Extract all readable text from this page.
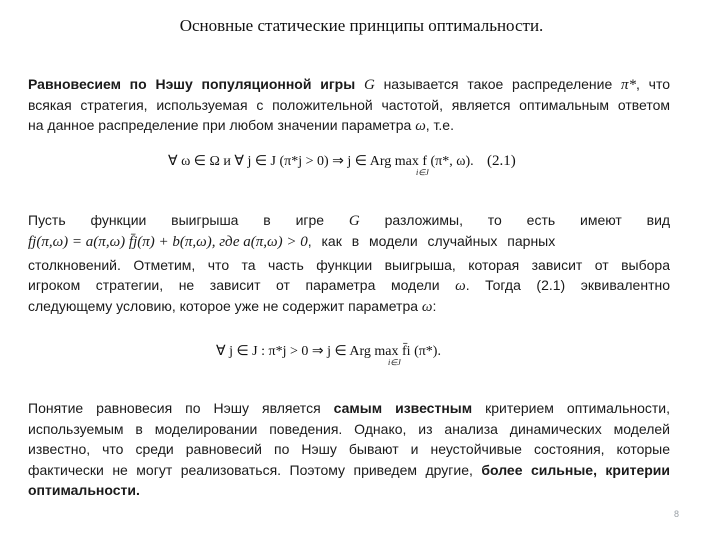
Основные статические принципы оптимальности.
Равновесием по Нэшу популяционной игры G называется такое распределение π*, что
всякая стратегия, используемая с положительной частотой, является оптимальным ответом
на данное распределение при любом значении параметра ω, т.е.
∀ ω ∈ Ω и ∀ j ∈ J (π*j > 0) ⇒ j ∈ Arg max f (π*, ω).
i∈J
(2.1)
Пусть функции выигрыша в игре G разложимы, то есть имеют вид
fj(π,ω) = a(π,ω) f̄j(π) + b(π,ω), где a(π,ω) > 0, как в модели случайных парных
столкновений. Отметим, что та часть функции выигрыша, которая зависит от выбора
игроком стратегии, не зависит от параметра модели ω. Тогда (2.1) эквивалентно
следующему условию, которое уже не содержит параметра ω:
∀ j ∈ J : π*j > 0 ⇒ j ∈ Arg max f̄i (π*).
i∈J
Понятие равновесия по Нэшу является самым известным критерием оптимальности,
используемым в моделировании поведения. Однако, из анализа динамических моделей
известно, что среди равновесий по Нэшу бывают и неустойчивые состояния, которые
фактически не могут реализоваться. Поэтому приведем другие, более сильные, критерии
оптимальности.
8
